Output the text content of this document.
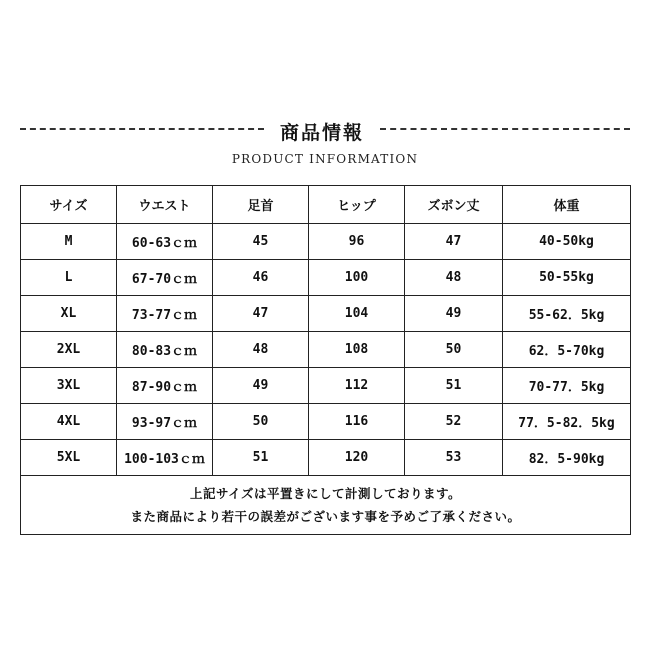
商品情報
PRODUCT INFORMATION
サイズ	ウエスト	足首	ヒップ	ズボン丈	体重
M	60-63ｃｍ	45	96	47	40-50kg
L	67-70ｃｍ	46	100	48	50-55kg
XL	73-77ｃｍ	47	104	49	55-62．5kg
2XL	80-83ｃｍ	48	108	50	62．5-70kg
3XL	87-90ｃｍ	49	112	51	70-77．5kg
4XL	93-97ｃｍ	50	116	52	77．5-82．5kg
5XL	100-103ｃｍ	51	120	53	82．5-90kg

上記サイズは平置きにして計測しております。
また商品により若干の誤差がございます事を予めご了承ください。					
